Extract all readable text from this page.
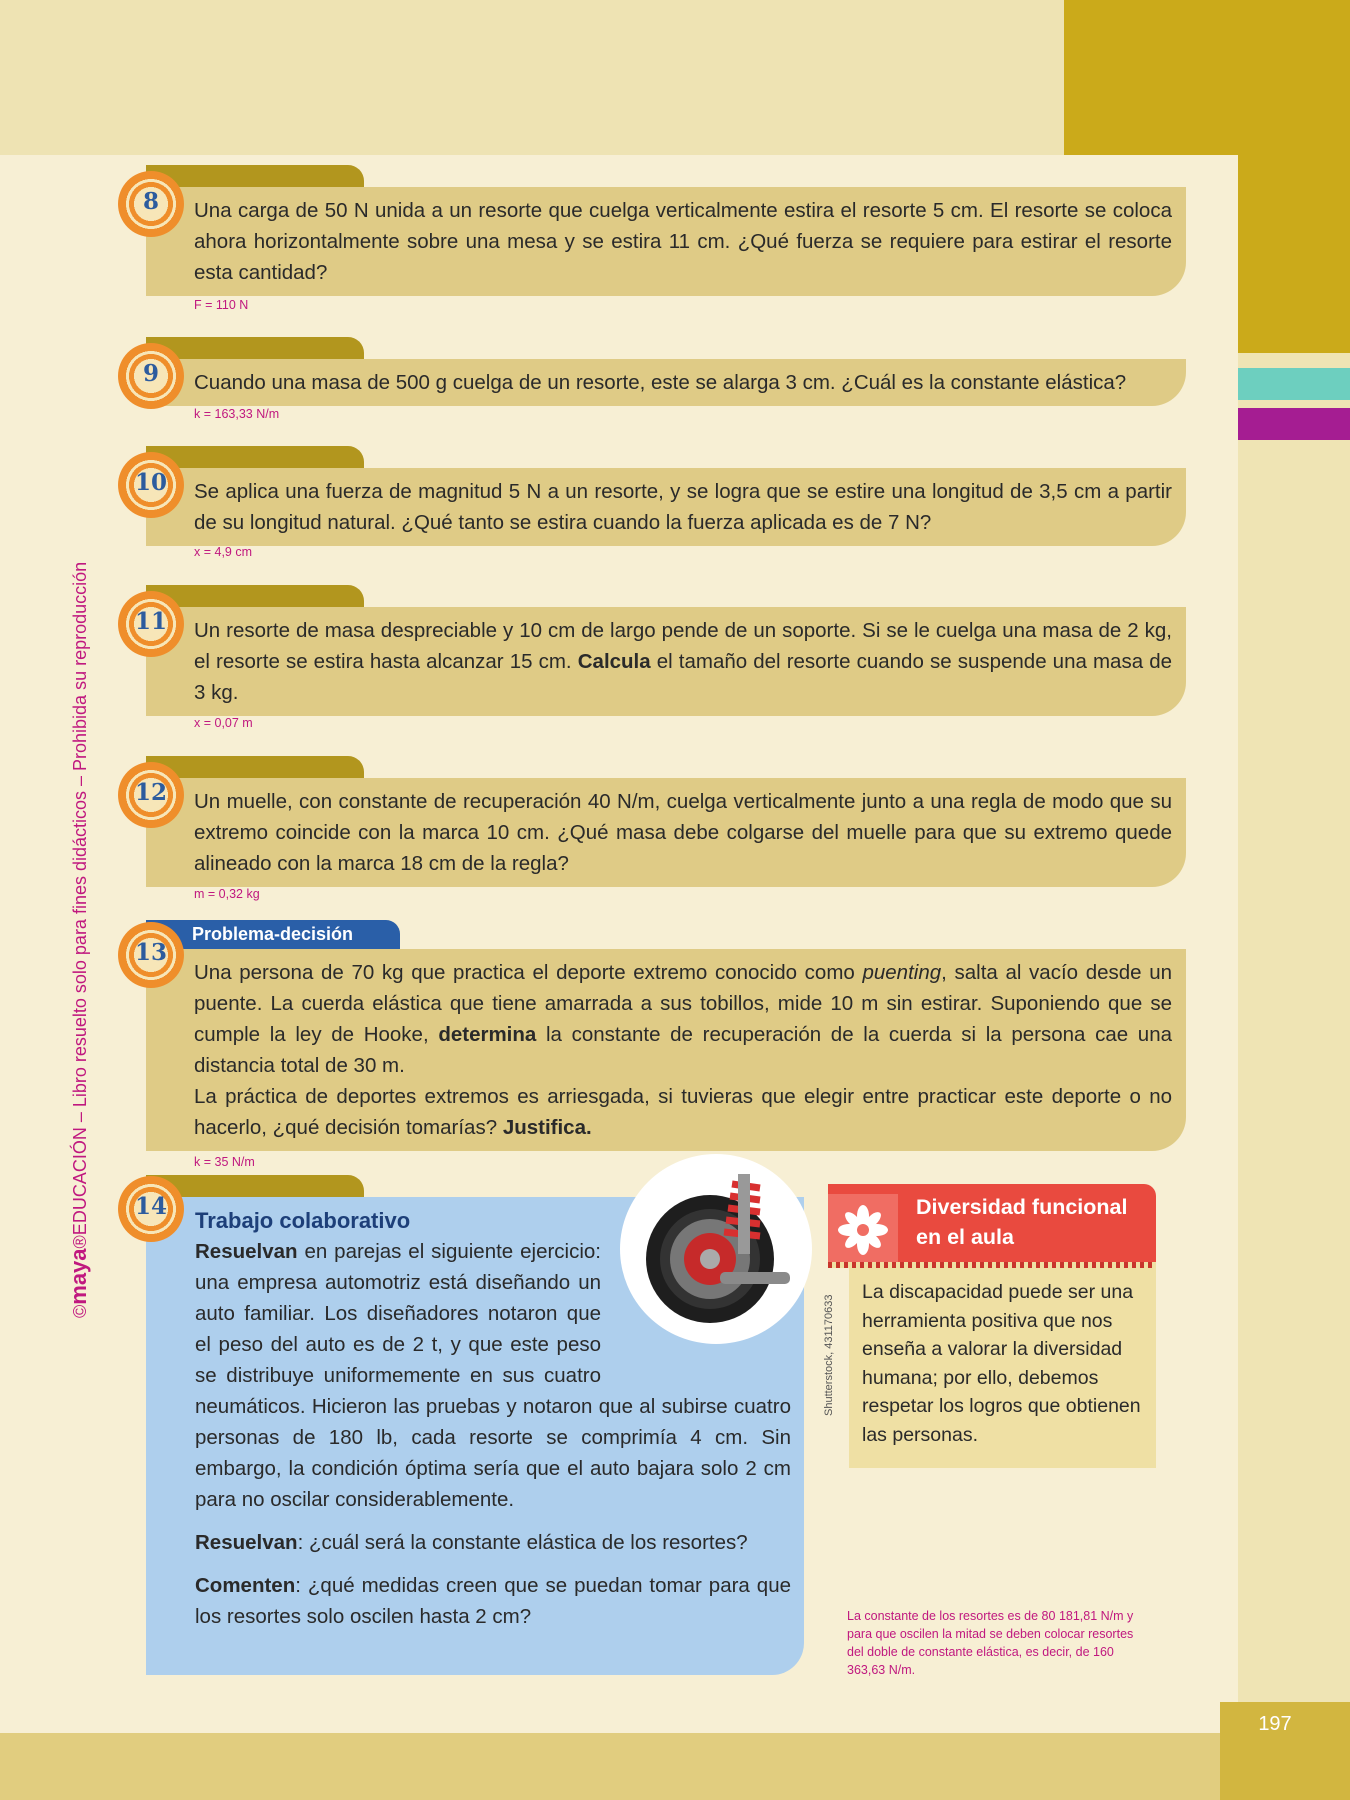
197
©maya®EDUCACIÓN – Libro resuelto solo para fines didácticos – Prohibida su reproducción
Una carga de 50 N unida a un resorte que cuelga verticalmente estira el resorte 5 cm. El resorte se coloca ahora horizontalmente sobre una mesa y se estira 11 cm. ¿Qué fuerza se requiere para estirar el resorte esta cantidad?
8
F = 110 N
Cuando una masa de 500 g cuelga de un resorte, este se alarga 3 cm. ¿Cuál es la constante elástica?
9
k = 163,33 N/m
Se aplica una fuerza de magnitud 5 N a un resorte, y se logra que se estire una longitud de 3,5 cm a partir de su longitud natural. ¿Qué tanto se estira cuando la fuerza aplicada es de 7 N?
10
x = 4,9 cm
Un resorte de masa despreciable y 10 cm de largo pende de un soporte. Si se le cuelga una masa de 2 kg, el resorte se estira hasta alcanzar 15 cm. Calcula el tamaño del resorte cuando se suspende una masa de 3 kg.
11
x = 0,07 m
Un muelle, con constante de recuperación 40 N/m, cuelga verticalmente junto a una regla de modo que su extremo coincide con la marca 10 cm. ¿Qué masa debe colgarse del muelle para que su extremo quede alineado con la marca 18 cm de la regla?
12
m = 0,32 kg
Problema-decisión
Una persona de 70 kg que practica el deporte extremo conocido como puenting, salta al vacío desde un puente. La cuerda elástica que tiene amarrada a sus tobillos, mide 10 m sin estirar. Suponiendo que se cumple la ley de Hooke, determina la constante de recuperación de la cuerda si la persona cae una distancia total de 30 m.
La práctica de deportes extremos es arriesgada, si tuvieras que elegir entre practicar este deporte o no hacerlo, ¿qué decisión tomarías? Justifica.
13
k = 35 N/m
14
Trabajo colaborativo
Resuelvan en parejas el siguiente ejercicio: una empresa automotriz está diseñando un auto familiar. Los diseñadores notaron que el peso del auto es de 2 t, y que este peso se distribuye uniformemente en sus cuatro neumáticos. Hicieron las pruebas y notaron que al subirse cuatro personas de 180 lb, cada resorte se comprimía 4 cm. Sin embargo, la condición óptima sería que el auto bajara solo 2 cm para no oscilar considerablemente.
Resuelvan: ¿cuál será la constante elástica de los resortes?
Comenten: ¿qué medidas creen que se puedan tomar para que los resortes solo oscilen hasta 2 cm?
Shutterstock, 431170633
Diversidad funcional en el aula
La discapacidad puede ser una herramienta positiva que nos enseña a valorar la diversidad humana; por ello, debemos respetar los logros que obtienen las personas.
La constante de los resortes es de 80 181,81 N/m y para que oscilen la mitad se deben colocar resortes del doble de constante elástica, es decir, de 160 363,63 N/m.
